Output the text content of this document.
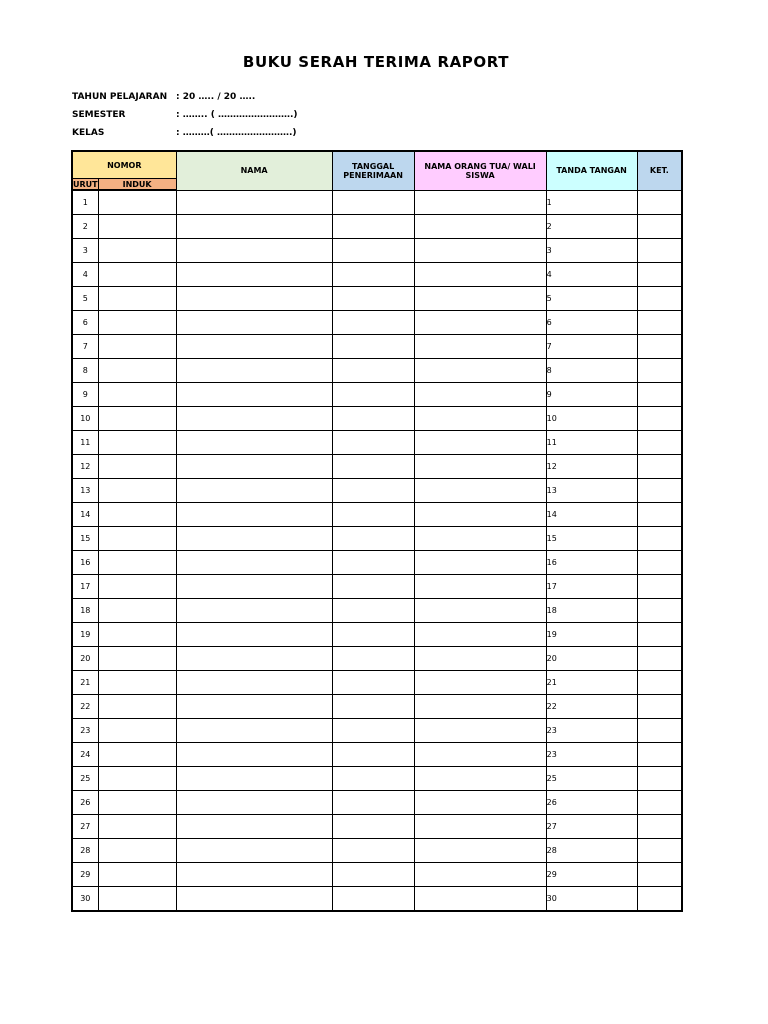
BUKU SERAH TERIMA RAPORT
TAHUN PELAJARAN : 20 ….. / 20 …..
SEMESTER	: …….. ( …………………….)
KELAS	: ………( …………………….)
NOMOR		NAMA	TANGGAL PENERIMAAN	NAMA ORANG TUA/ WALI SISWA	TANDA TANGAN	KET.
URUT	INDUK					
1					1	
2					2	
3					3	
4					4	
5					5	
6					6	
7					7	
8					8	
9					9	
10					10	
11					11	
12					12	
13					13	
14					14	
15					15	
16					16	
17					17	
18					18	
19					19	
20					20	
21					21	
22					22	
23					23	
24					23	
25					25	
26					26	
27					27	
28					28	
29					29	
30					30	
